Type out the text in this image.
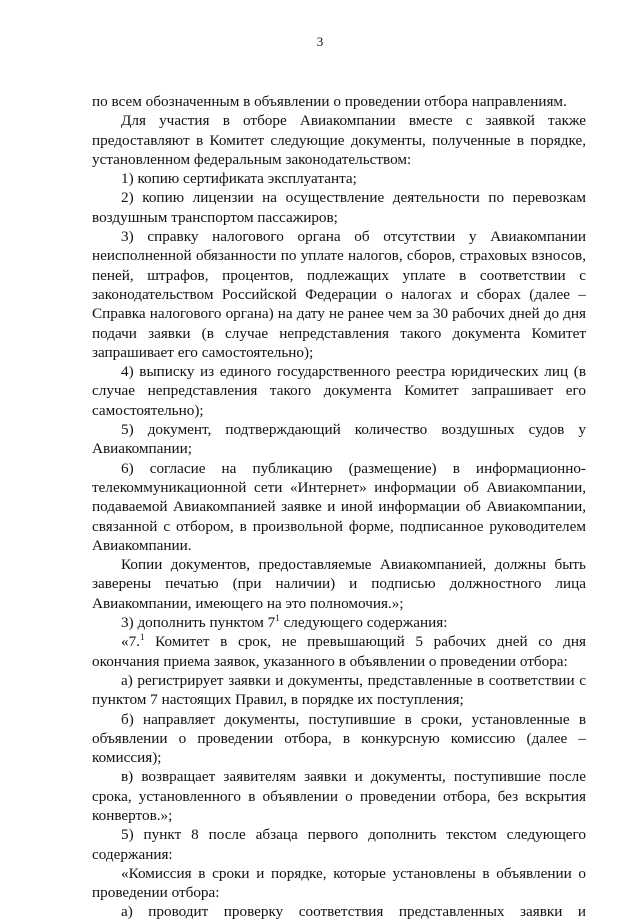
3

по всем обозначенным в объявлении о проведении отбора направлениям.

Для участия в отборе Авиакомпании вместе с заявкой также предоставляют в Комитет следующие документы, полученные в порядке, установленном федеральным законодательством:

1) копию сертификата эксплуатанта;

2) копию лицензии на осуществление деятельности по перевозкам воздушным транспортом пассажиров;

3) справку налогового органа об отсутствии у Авиакомпании неисполненной обязанности по уплате налогов, сборов, страховых взносов, пеней, штрафов, процентов, подлежащих уплате в соответствии с законодательством Российской Федерации о налогах и сборах (далее – Справка налогового органа) на дату не ранее чем за 30 рабочих дней до дня подачи заявки (в случае непредставления такого документа Комитет запрашивает его самостоятельно);

4) выписку из единого государственного реестра юридических лиц (в случае непредставления такого документа Комитет запрашивает его самостоятельно);

5) документ, подтверждающий количество воздушных судов у Авиакомпании;

6) согласие на публикацию (размещение) в информационно-телекоммуникационной сети «Интернет» информации об Авиакомпании, подаваемой Авиакомпанией заявке и иной информации об Авиакомпании, связанной с отбором, в произвольной форме, подписанное руководителем Авиакомпании.

Копии документов, предоставляемые Авиакомпанией, должны быть заверены печатью (при наличии) и подписью должностного лица Авиакомпании, имеющего на это полномочия.»;

3) дополнить пунктом $7^1$ следующего содержания:

«7.$^1$ Комитет в срок, не превышающий 5 рабочих дней со дня окончания приема заявок, указанного в объявлении о проведении отбора:

а) регистрирует заявки и документы, представленные в соответствии с пунктом 7 настоящих Правил, в порядке их поступления;

б) направляет документы, поступившие в сроки, установленные в объявлении о проведении отбора, в конкурсную комиссию (далее – комиссия);

в) возвращает заявителям заявки и документы, поступившие после срока, установленного в объявлении о проведении отбора, без вскрытия конвертов.»;

5) пункт 8 после абзаца первого дополнить текстом следующего содержания:

«Комиссия в сроки и порядке, которые установлены в объявлении о проведении отбора:

а) проводит проверку соответствия представленных заявки и
